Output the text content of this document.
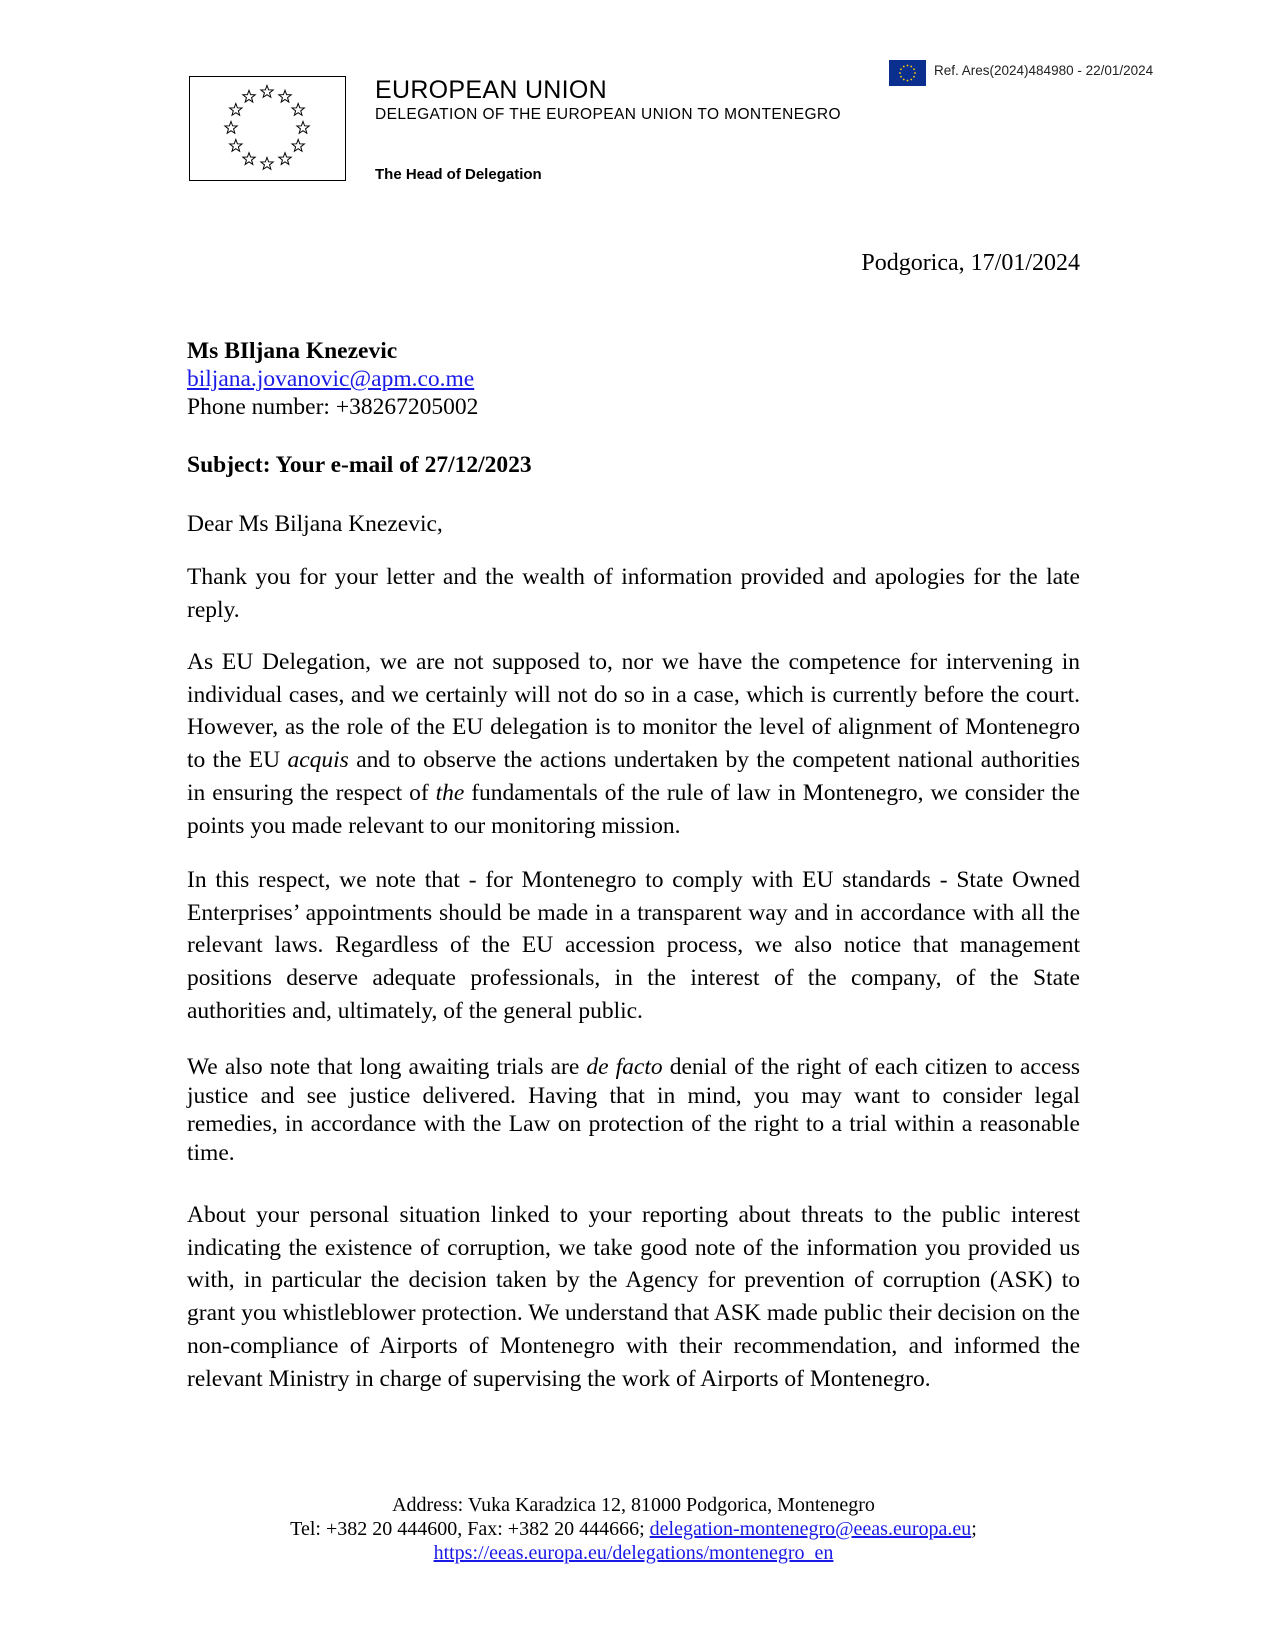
EUROPEAN UNION
DELEGATION OF THE EUROPEAN UNION TO MONTENEGRO
The Head of Delegation
Ref. Ares(2024)484980 - 22/01/2024
Podgorica, 17/01/2024
Ms BIljana Knezevic
biljana.jovanovic@apm.co.me
Phone number: +38267205002
Subject: Your e-mail of 27/12/2023
Dear Ms Biljana Knezevic,
Thank you for your letter and the wealth of information provided and apologies for the late reply.
As EU Delegation, we are not supposed to, nor we have the competence for intervening in individual cases, and we certainly will not do so in a case, which is currently before the court. However, as the role of the EU delegation is to monitor the level of alignment of Montenegro to the EU acquis and to observe the actions undertaken by the competent national authorities in ensuring the respect of the fundamentals of the rule of law in Montenegro, we consider the points you made relevant to our monitoring mission.
In this respect, we note that - for Montenegro to comply with EU standards - State Owned Enterprises’ appointments should be made in a transparent way and in accordance with all the relevant laws. Regardless of the EU accession process, we also notice that management positions deserve adequate professionals, in the interest of the company, of the State authorities and, ultimately, of the general public.
We also note that long awaiting trials are de facto denial of the right of each citizen to access justice and see justice delivered. Having that in mind, you may want to consider legal remedies, in accordance with the Law on protection of the right to a trial within a reasonable time.
About your personal situation linked to your reporting about threats to the public interest indicating the existence of corruption, we take good note of the information you provided us with, in particular the decision taken by the Agency for prevention of corruption (ASK) to grant you whistleblower protection. We understand that ASK made public their decision on the non-compliance of Airports of Montenegro with their recommendation, and informed the relevant Ministry in charge of supervising the work of Airports of Montenegro.
Address: Vuka Karadzica 12, 81000 Podgorica, Montenegro
Tel: +382 20 444600, Fax: +382 20 444666; delegation-montenegro@eeas.europa.eu;
https://eeas.europa.eu/delegations/montenegro_en
